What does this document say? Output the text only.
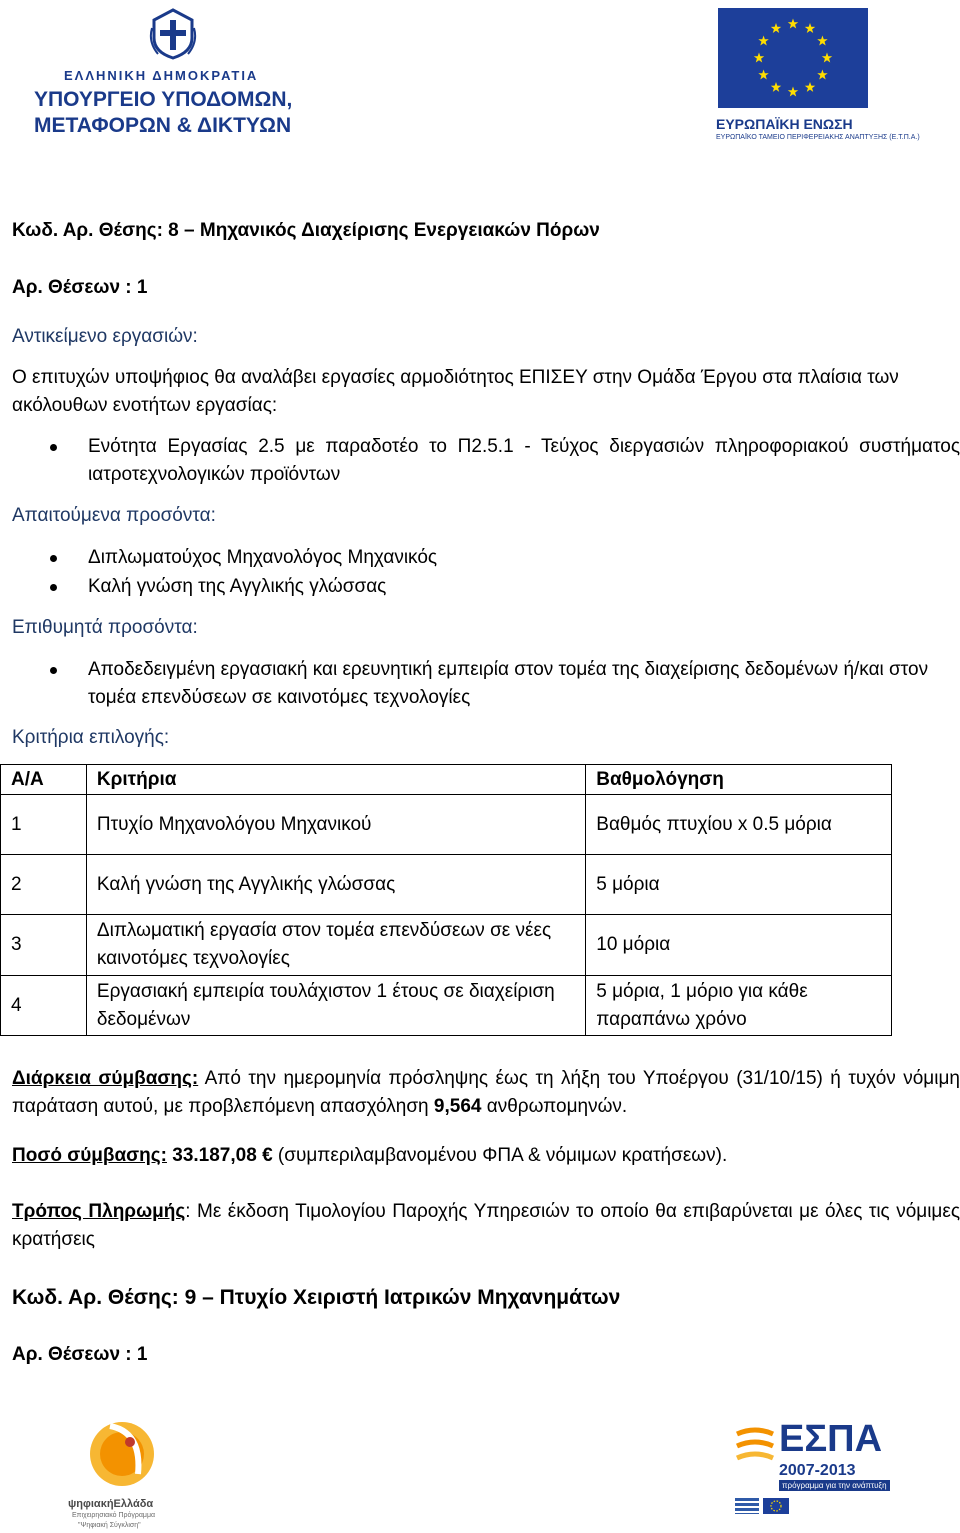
ΕΛΛΗΝΙΚΗ ΔΗΜΟΚΡΑΤΙΑ
ΥΠΟΥΡΓΕΙΟ ΥΠΟΔΟΜΩΝ,
ΜΕΤΑΦΟΡΩΝ & ΔΙΚΤΥΩΝ	ΕΥΡΩΠΑΪΚΗ ΕΝΩΣΗ
ΕΥΡΩΠΑΪΚΟ ΤΑΜΕΙΟ ΠΕΡΙΦΕΡΕΙΑΚΗΣ ΑΝΑΠΤΥΞΗΣ (Ε.Τ.Π.Α.)
Κωδ. Αρ. Θέσης: 8 – Μηχανικός Διαχείρισης Ενεργειακών Πόρων
Αρ. Θέσεων : 1
Αντικείμενο εργασιών:
Ο επιτυχών υποψήφιος θα αναλάβει εργασίες αρμοδιότητος ΕΠΙΣΕΥ στην Ομάδα Έργου στα πλαίσια των ακόλουθων ενοτήτων εργασίας:
Ενότητα Εργασίας 2.5 με παραδοτέο το Π2.5.1 - Τεύχος διεργασιών πληροφοριακού συστήματος ιατροτεχνολογικών προϊόντων
Απαιτούμενα προσόντα:
Διπλωματούχος Μηχανολόγος Μηχανικός
Καλή γνώση της Αγγλικής γλώσσας
Επιθυμητά προσόντα:
Αποδεδειγμένη εργασιακή και ερευνητική εμπειρία στον τομέα της διαχείρισης δεδομένων ή/και στον τομέα επενδύσεων σε καινοτόμες τεχνολογίες
Κριτήρια επιλογής:
Α/Α	Κριτήρια	Βαθμολόγηση
1	Πτυχίο Μηχανολόγου Μηχανικού	Βαθμός πτυχίου x 0.5 μόρια
2	Καλή γνώση της Αγγλικής γλώσσας	5 μόρια
3	Διπλωματική εργασία στον τομέα επενδύσεων σε νέες καινοτόμες τεχνολογίες	10 μόρια
4	Εργασιακή εμπειρία τουλάχιστον 1 έτους σε διαχείριση δεδομένων	5 μόρια, 1 μόριο για κάθε παραπάνω χρόνο
Διάρκεια σύμβασης: Από την ημερομηνία πρόσληψης έως τη λήξη του Υποέργου (31/10/15) ή τυχόν νόμιμη παράταση αυτού, με προβλεπόμενη απασχόληση 9,564 ανθρωπομηνών.
Ποσό σύμβασης: 33.187,08 € (συμπεριλαμβανομένου ΦΠΑ & νόμιμων κρατήσεων).
Τρόπος Πληρωμής: Με έκδοση Τιμολογίου Παροχής Υπηρεσιών το οποίο θα επιβαρύνεται με όλες τις νόμιμες κρατήσεις
Κωδ. Αρ. Θέσης: 9 – Πτυχίο Χειριστή Ιατρικών Μηχανημάτων
Αρ. Θέσεων : 1
ψηφιακήΕλλάδα
Επιχειρησιακό Πρόγραμμα
"Ψηφιακή Σύγκλιση"
ΕΣΠΑ
2007-2013
πρόγραμμα για την ανάπτυξη
